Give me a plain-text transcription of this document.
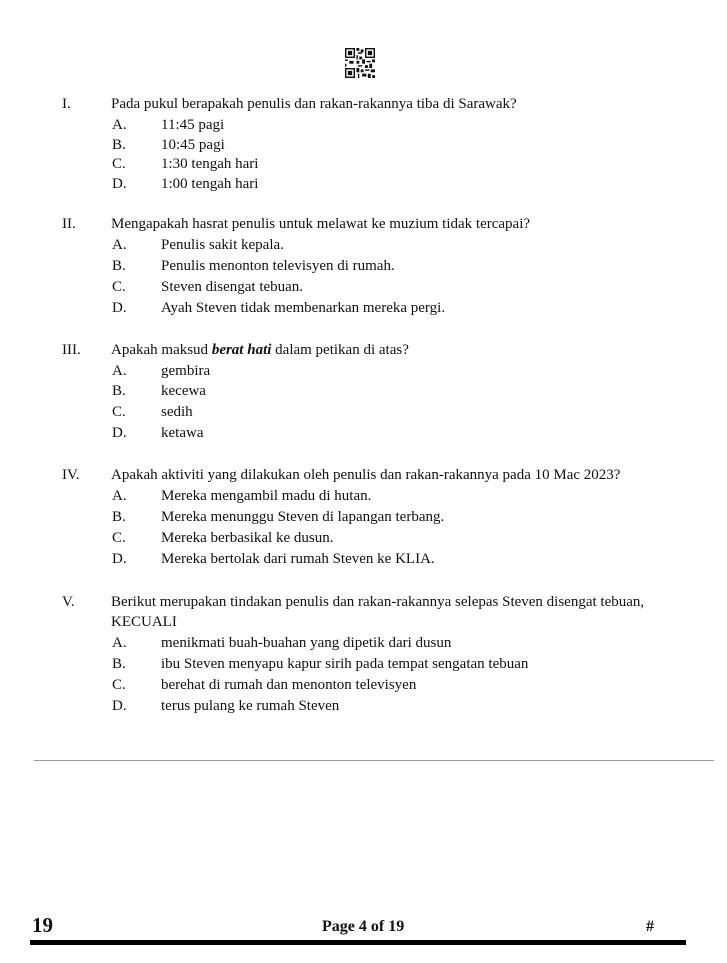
I.	Pada pukul berapakah penulis dan rakan-rakannya tiba di Sarawak?
A. 11:45 pagi
B. 10:45 pagi
C. 1:30 tengah hari
D. 1:00 tengah hari
II. Mengapakah hasrat penulis untuk melawat ke muzium tidak tercapai?
A. Penulis sakit kepala.
B. Penulis menonton televisyen di rumah.
C. Steven disengat tebuan.
D. Ayah Steven tidak membenarkan mereka pergi.
III. Apakah maksud berat hati dalam petikan di atas?
A. gembira
B. kecewa
C. sedih
D. ketawa
IV. Apakah aktiviti yang dilakukan oleh penulis dan rakan-rakannya pada 10 Mac 2023?
A. Mereka mengambil madu di hutan.
B. Mereka menunggu Steven di lapangan terbang.
C. Mereka berbasikal ke dusun.
D. Mereka bertolak dari rumah Steven ke KLIA.
V. Berikut merupakan tindakan penulis dan rakan-rakannya selepas Steven disengat tebuan, KECUALI
A. menikmati buah-buahan yang dipetik dari dusun
B. ibu Steven menyapu kapur sirih pada tempat sengatan tebuan
C. berehat di rumah dan menonton televisyen
D. terus pulang ke rumah Steven
19	Page 4 of 19	#
